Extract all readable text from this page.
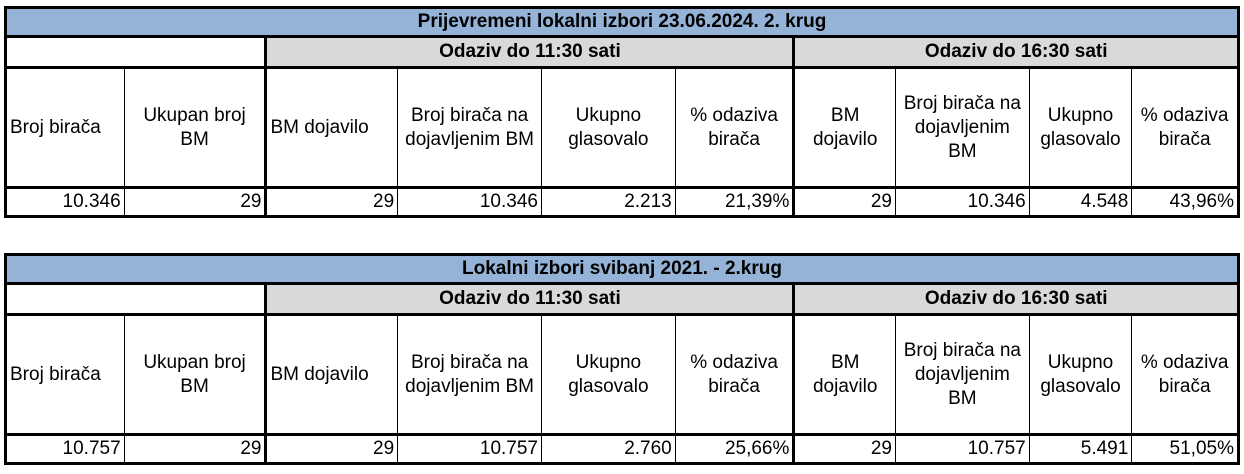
Prijevremeni lokalni izbori 23.06.2024. 2. krug									
		Odaziv do 11:30 sati				Odaziv do 16:30 sati			
Broj birača	Ukupan broj BM	BM dojavilo	Broj birača na dojavljenim BM	Ukupno glasovalo	% odaziva birača	BM dojavilo	Broj birača na dojavljenim BM	Ukupno glasovalo	% odaziva birača
10.346	29	29	10.346	2.213	21,39%	29	10.346	4.548	43,96%
Lokalni izbori svibanj 2021. - 2.krug									
		Odaziv do 11:30 sati				Odaziv do 16:30 sati			
Broj birača	Ukupan broj BM	BM dojavilo	Broj birača na dojavljenim BM	Ukupno glasovalo	% odaziva birača	BM dojavilo	Broj birača na dojavljenim BM	Ukupno glasovalo	% odaziva birača
10.757	29	29	10.757	2.760	25,66%	29	10.757	5.491	51,05%
